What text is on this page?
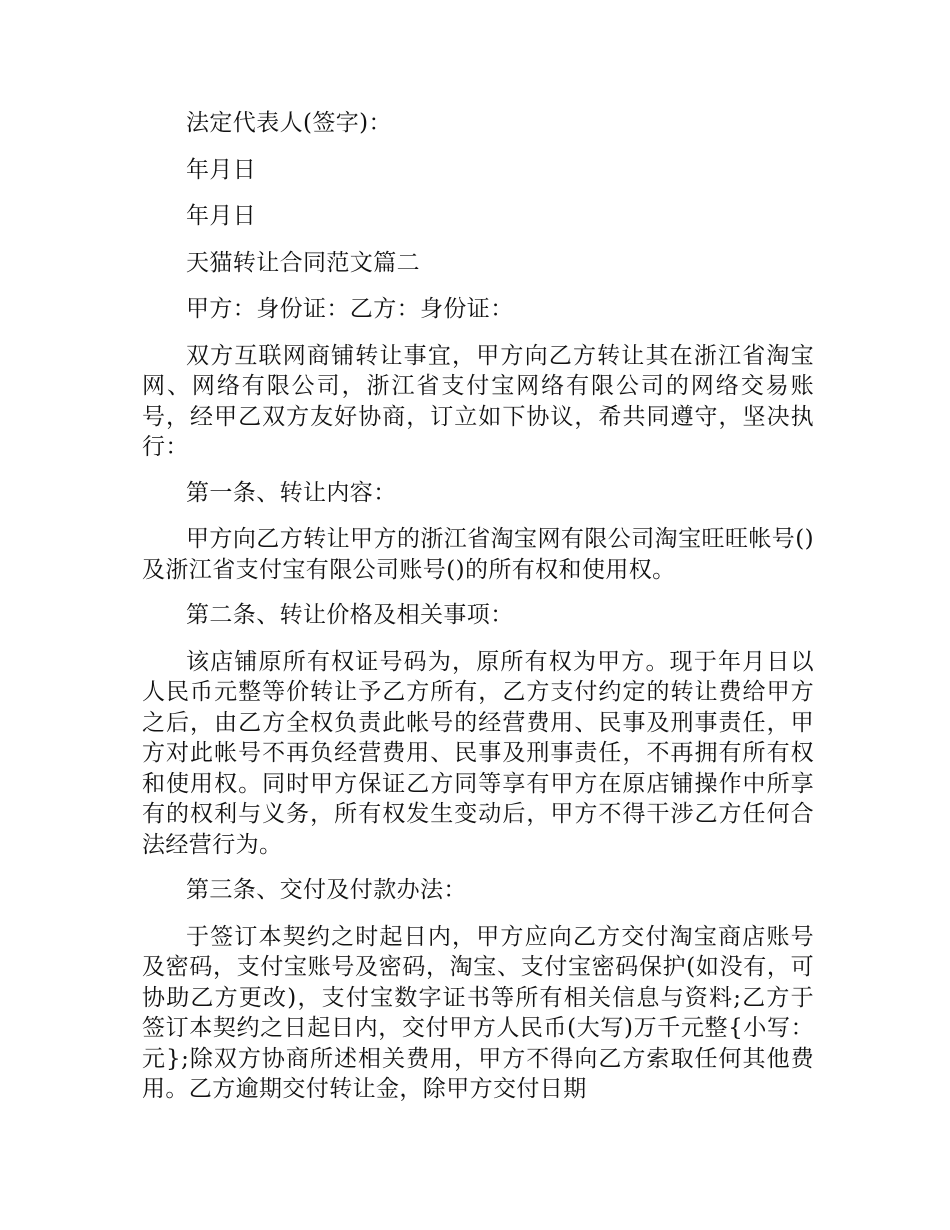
法定代表人(签字)：

年月日

年月日

天猫转让合同范文篇二

甲方：身份证：乙方：身份证：

双方互联网商铺转让事宜，甲方向乙方转让其在浙江省淘宝网、网络有限公司，浙江省支付宝网络有限公司的网络交易账号，经甲乙双方友好协商，订立如下协议，希共同遵守，坚决执行：

第一条、转让内容：

甲方向乙方转让甲方的浙江省淘宝网有限公司淘宝旺旺帐号()及浙江省支付宝有限公司账号()的所有权和使用权。

第二条、转让价格及相关事项：

该店铺原所有权证号码为，原所有权为甲方。现于年月日以人民币元整等价转让予乙方所有，乙方支付约定的转让费给甲方之后，由乙方全权负责此帐号的经营费用、民事及刑事责任，甲方对此帐号不再负经营费用、民事及刑事责任，不再拥有所有权和使用权。同时甲方保证乙方同等享有甲方在原店铺操作中所享有的权利与义务，所有权发生变动后，甲方不得干涉乙方任何合法经营行为。

第三条、交付及付款办法：

于签订本契约之时起日内，甲方应向乙方交付淘宝商店账号及密码，支付宝账号及密码，淘宝、支付宝密码保护(如没有，可协助乙方更改)，支付宝数字证书等所有相关信息与资料;乙方于签订本契约之日起日内，交付甲方人民币(大写)万千元整{小写：元};除双方协商所述相关费用，甲方不得向乙方索取任何其他费用。乙方逾期交付转让金，除甲方交付日期
